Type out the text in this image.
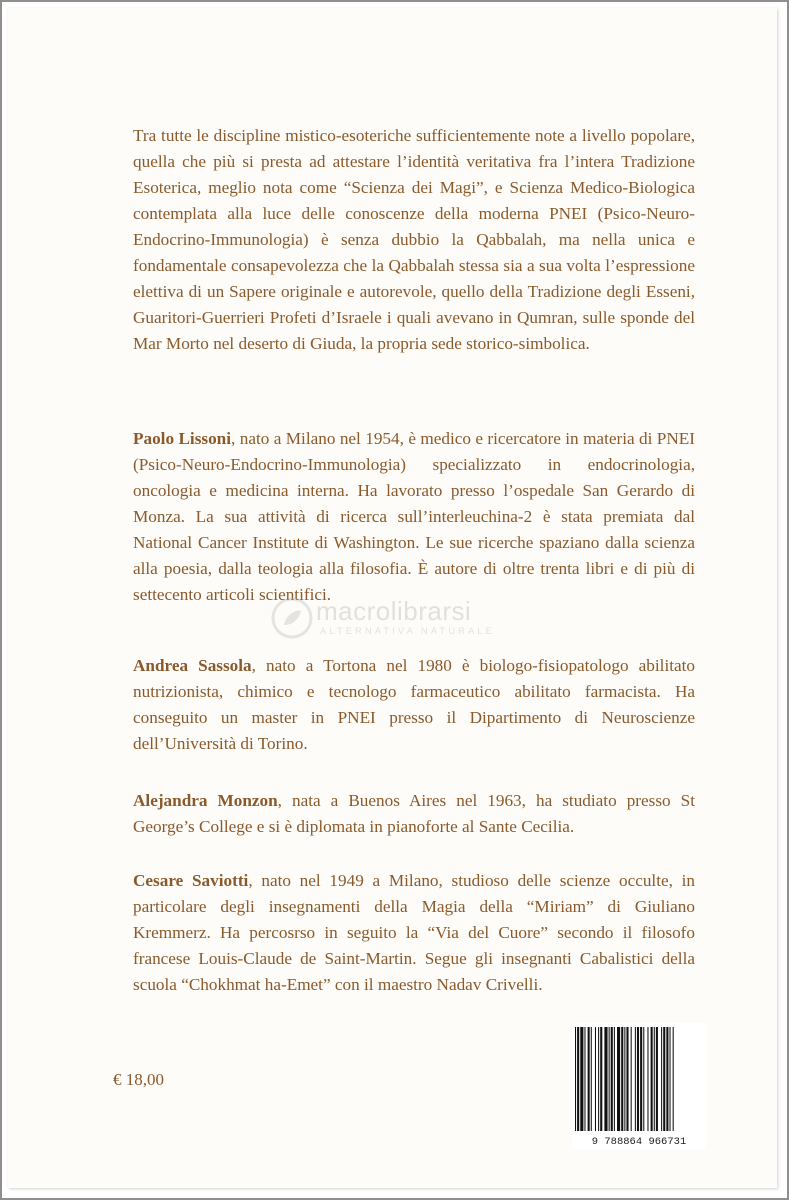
Tra tutte le discipline mistico-esoteriche sufficientemente note a livello popolare, quella che più si presta ad attestare l’identità veritativa fra l’intera Tradizione Esoterica, meglio nota come “Scienza dei Magi”, e Scienza Medico-Biologica contemplata alla luce delle conoscenze della moderna PNEI (Psico-Neuro-Endocrino-Immunologia) è senza dubbio la Qabbalah, ma nella unica e fondamentale consapevolezza che la Qabbalah stessa sia a sua volta l’espressione elettiva di un Sapere originale e autorevole, quello della Tradizione degli Esseni, Guaritori-Guerrieri Profeti d’Israele i quali avevano in Qumran, sulle sponde del Mar Morto nel deserto di Giuda, la propria sede storico-simbolica.

Paolo Lissoni, nato a Milano nel 1954, è medico e ricercatore in materia di PNEI (Psico-Neuro-Endocrino-Immunologia) specializzato in endocrinologia, oncologia e medicina interna. Ha lavorato presso l’ospedale San Gerardo di Monza. La sua attività di ricerca sull’interleuchina-2 è stata premiata dal National Cancer Institute di Washington. Le sue ricerche spaziano dalla scienza alla poesia, dalla teologia alla filosofia. È autore di oltre trenta libri e di più di settecento articoli scientifici.

Andrea Sassola, nato a Tortona nel 1980 è biologo-fisiopatologo abilitato nutrizionista, chimico e tecnologo farmaceutico abilitato farmacista. Ha conseguito un master in PNEI presso il Dipartimento di Neuroscienze dell’Università di Torino.

Alejandra Monzon, nata a Buenos Aires nel 1963, ha studiato presso St George’s College e si è diplomata in pianoforte al Sante Cecilia.

Cesare Saviotti, nato nel 1949 a Milano, studioso delle scienze occulte, in particolare degli insegnamenti della Magia della “Miriam” di Giuliano Kremmerz. Ha percosrso in seguito la “Via del Cuore” secondo il filosofo francese Louis-Claude de Saint-Martin. Segue gli insegnanti Cabalistici della scuola “Chokhmat ha-Emet” con il maestro Nadav Crivelli.

€ 18,00
9 788864 966731
macrolibrarsi
ALTERNATIVA NATURALE
